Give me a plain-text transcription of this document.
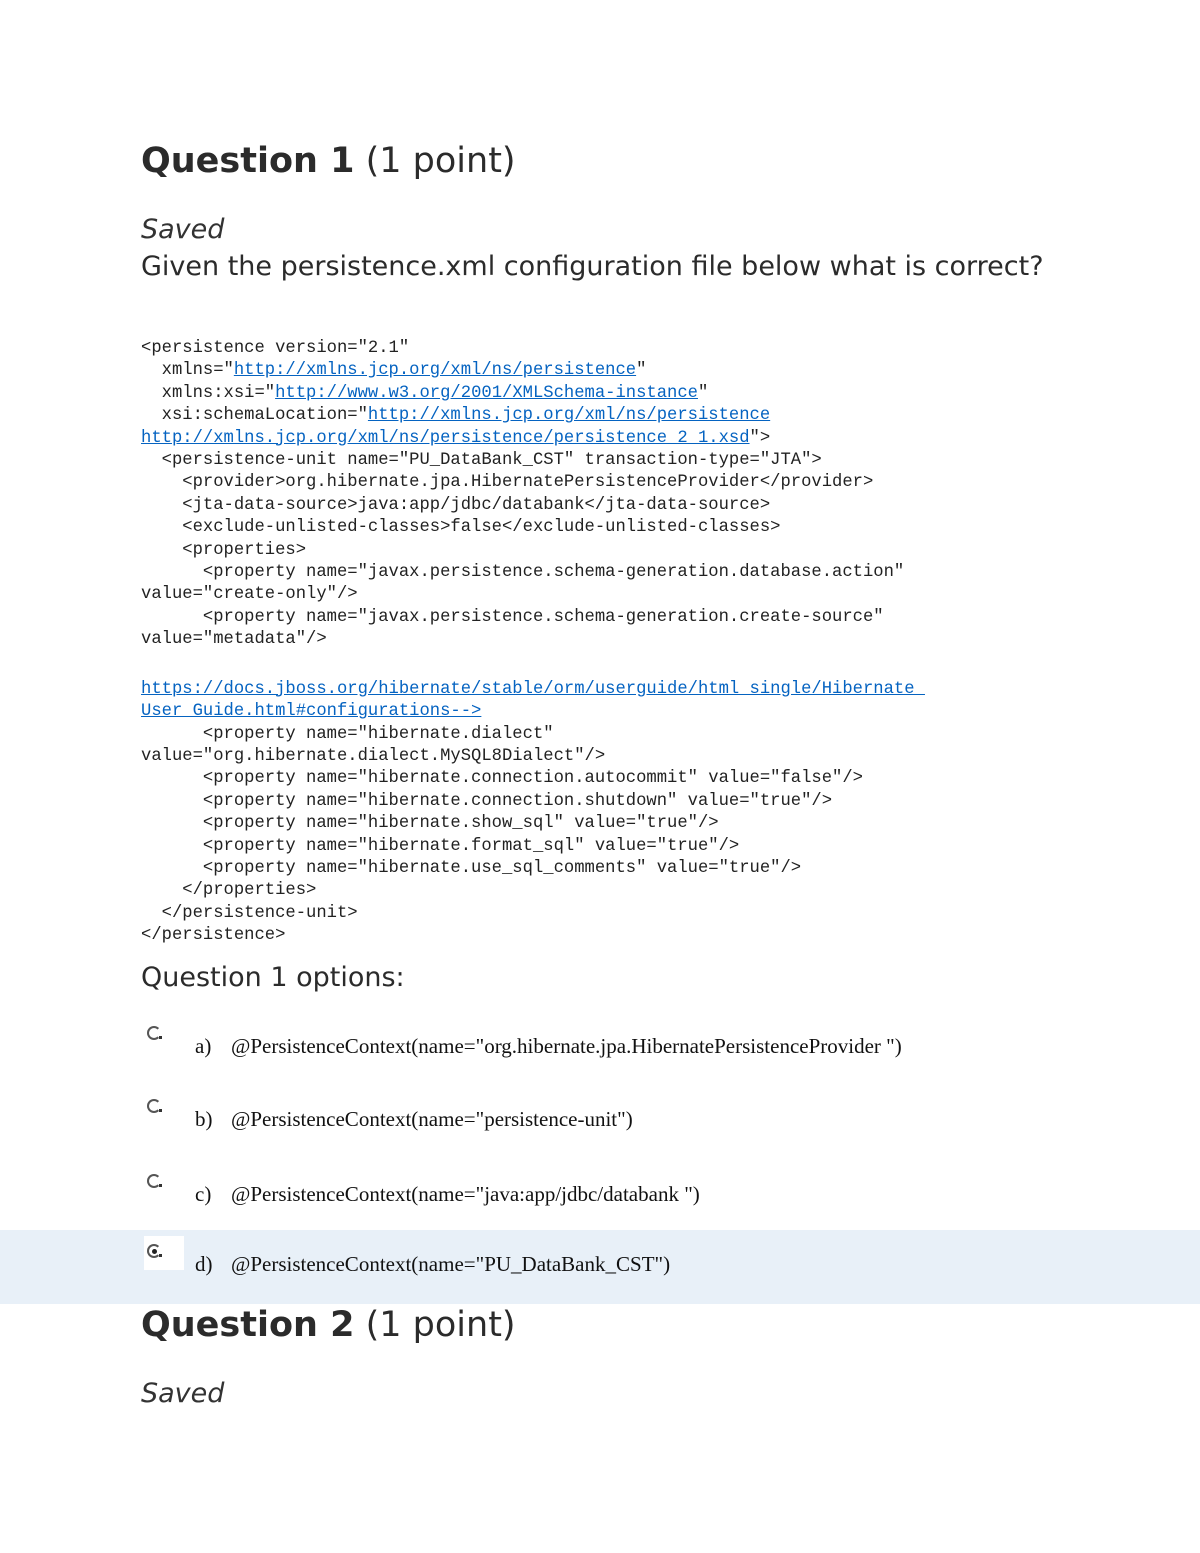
Question 1 (1 point)
Saved
Given the persistence.xml configuration file below what is correct?
<persistence version="2.1"
xmlns="http://xmlns.jcp.org/xml/ns/persistence"
xmlns:xsi="http://www.w3.org/2001/XMLSchema-instance"
xsi:schemaLocation="http://xmlns.jcp.org/xml/ns/persistence
http://xmlns.jcp.org/xml/ns/persistence/persistence_2_1.xsd">
<persistence-unit name="PU_DataBank_CST" transaction-type="JTA">
<provider>org.hibernate.jpa.HibernatePersistenceProvider</provider>
<jta-data-source>java:app/jdbc/databank</jta-data-source>
<exclude-unlisted-classes>false</exclude-unlisted-classes>
<properties>
<property name="javax.persistence.schema-generation.database.action"
value="create-only"/>
<property name="javax.persistence.schema-generation.create-source"
value="metadata"/>

https://docs.jboss.org/hibernate/stable/orm/userguide/html_single/Hibernate_
User_Guide.html#configurations-->
<property name="hibernate.dialect"
value="org.hibernate.dialect.MySQL8Dialect"/>
<property name="hibernate.connection.autocommit" value="false"/>
<property name="hibernate.connection.shutdown" value="true"/>
<property name="hibernate.show_sql" value="true"/>
<property name="hibernate.format_sql" value="true"/>
<property name="hibernate.use_sql_comments" value="true"/>
</properties>
</persistence-unit>
</persistence>
Question 1 options:
a) @PersistenceContext(name="org.hibernate.jpa.HibernatePersistenceProvider ")
b) @PersistenceContext(name="persistence-unit")
c) @PersistenceContext(name="java:app/jdbc/databank ")
d) @PersistenceContext(name="PU_DataBank_CST")
Question 2 (1 point)
Saved
